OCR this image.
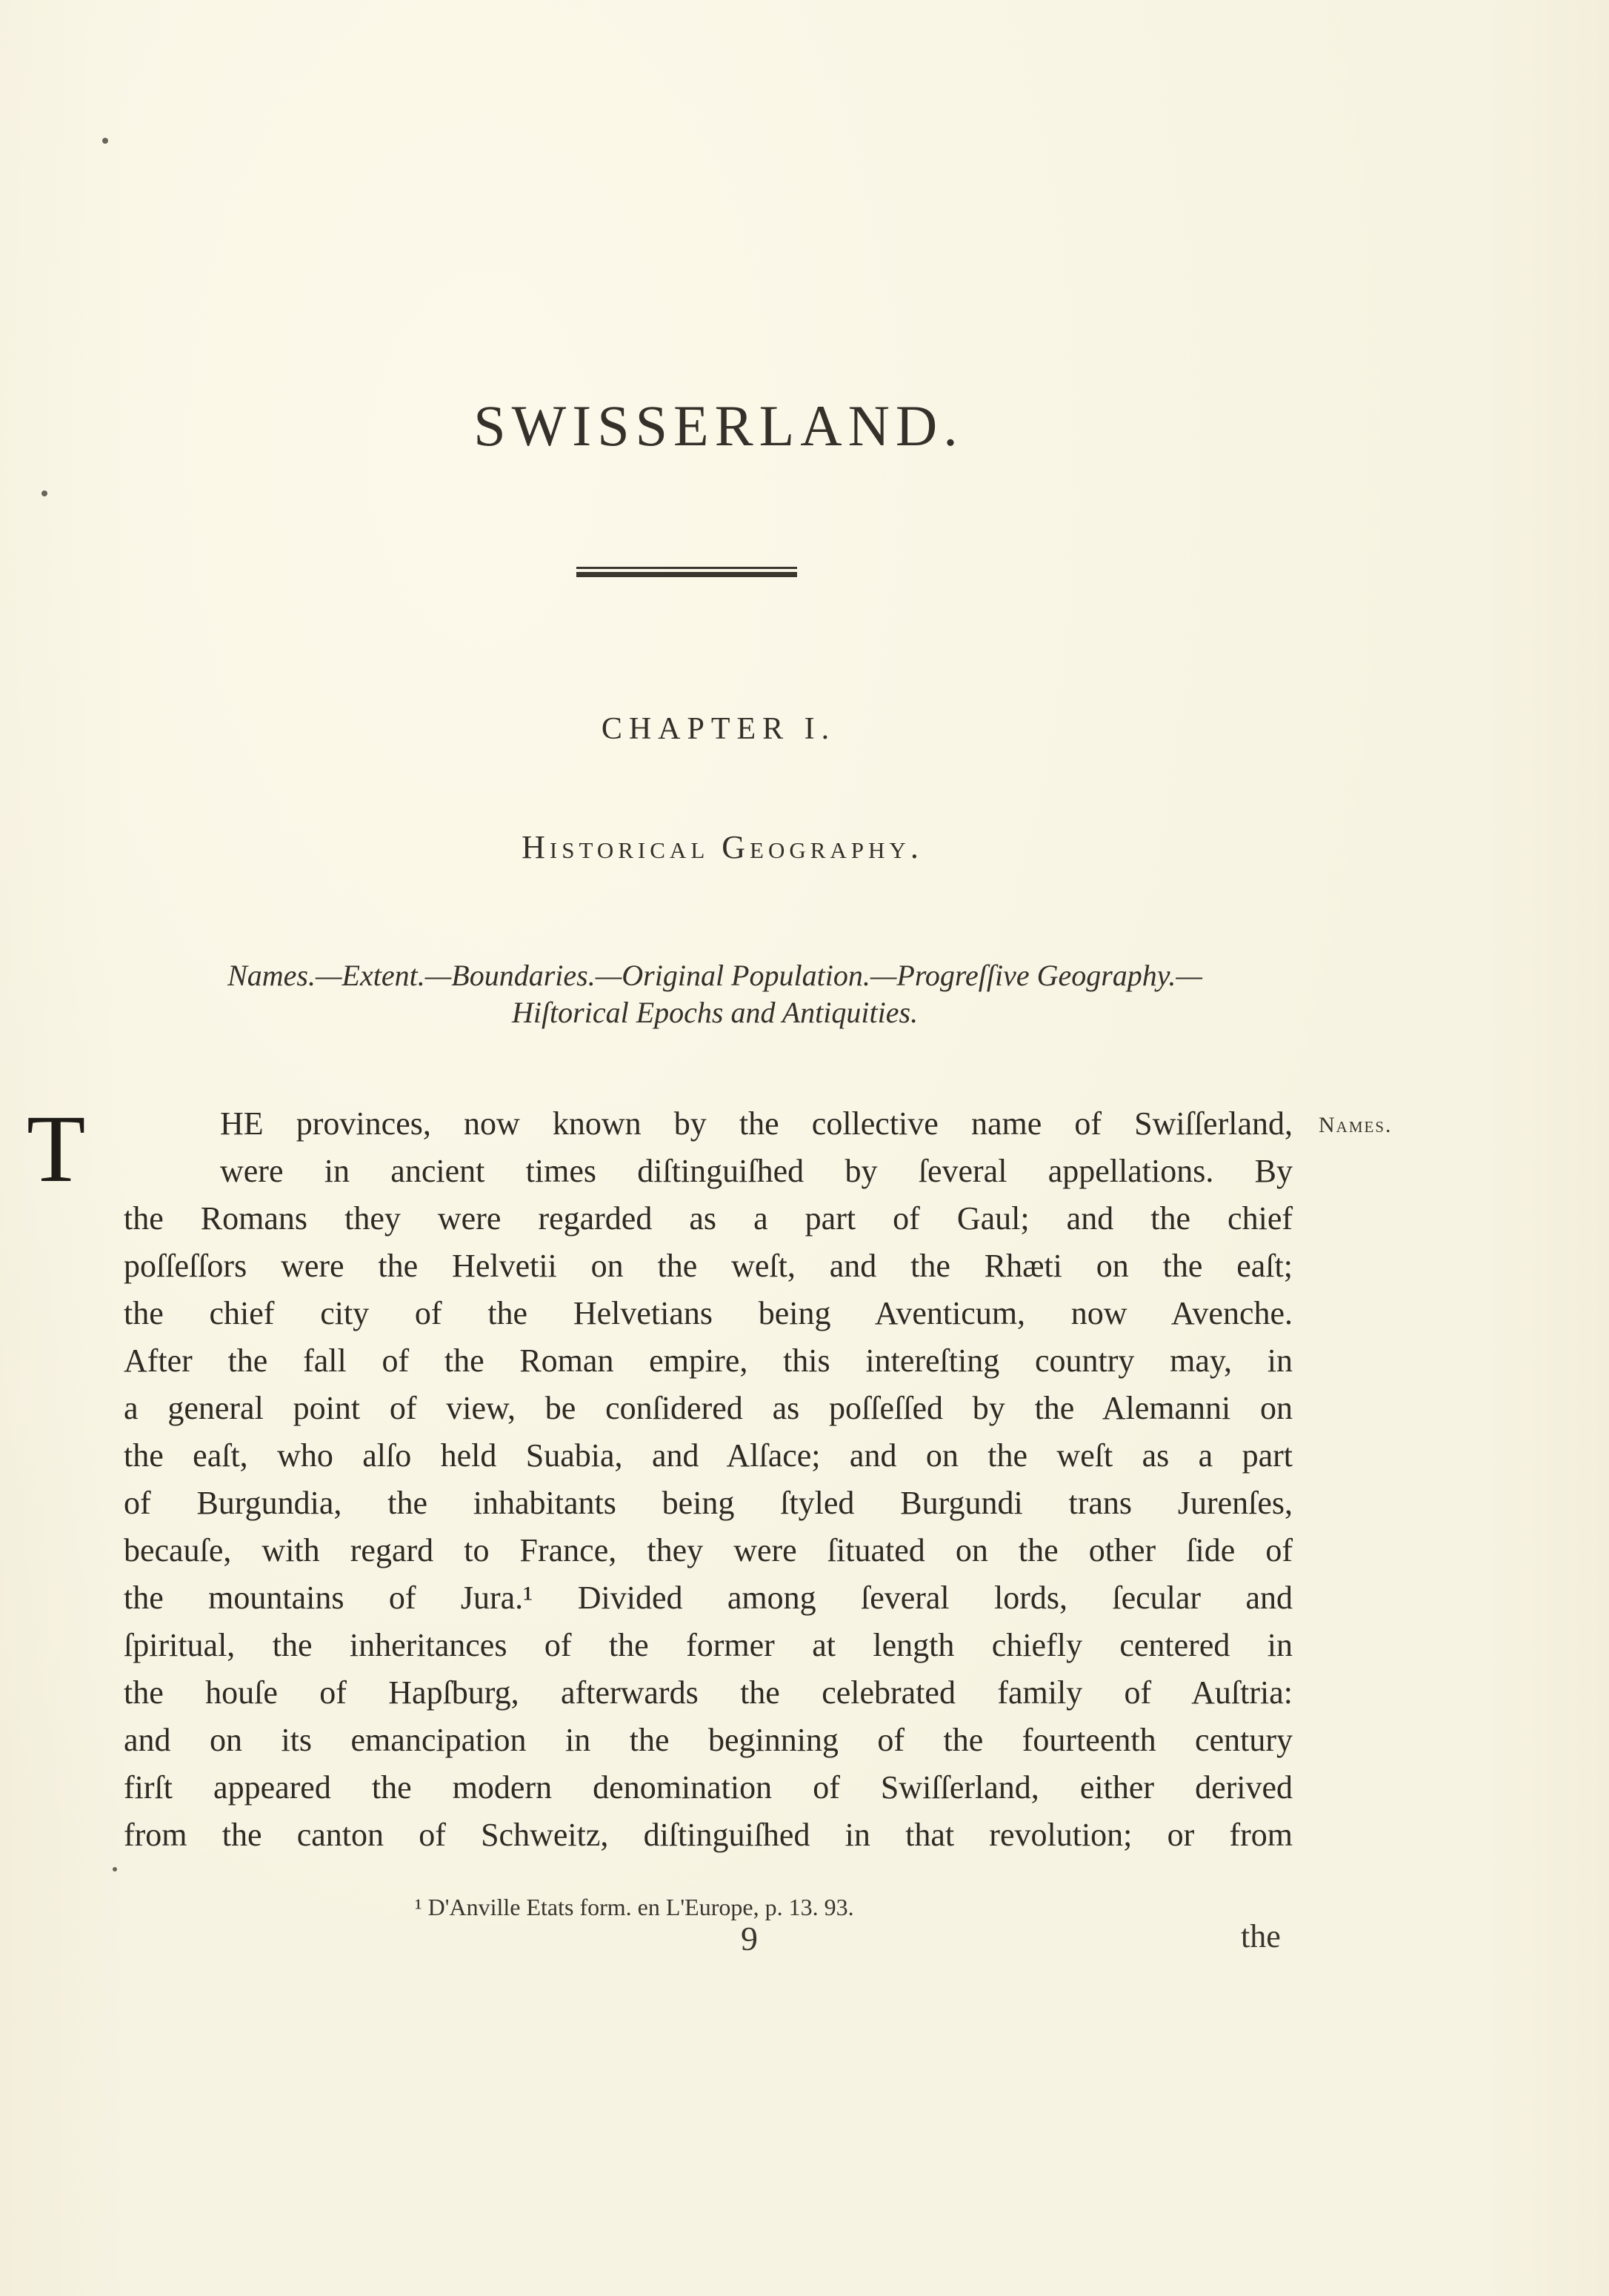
SWISSERLAND.
CHAPTER I.
Historical Geography.
Names.—Extent.—Boundaries.—Original Population.—Progreſſive Geography.—
Hiſtorical Epochs and Antiquities.
Names.
T	HE provinces, now known by the collective name of Swiſſerland,
were in ancient times diſtinguiſhed by ſeveral appellations. By
the Romans they were regarded as a part of Gaul; and the chief
poſſeſſors were the Helvetii on the weſt, and the Rhæti on the eaſt;
the chief city of the Helvetians being Aventicum, now Avenche.
After the fall of the Roman empire, this intereſting country may, in
a general point of view, be conſidered as poſſeſſed by the Alemanni on
the eaſt, who alſo held Suabia, and Alſace; and on the weſt as a part
of Burgundia, the inhabitants being ſtyled Burgundi trans Jurenſes,
becauſe, with regard to France, they were ſituated on the other ſide of
the mountains of Jura.¹ Divided among ſeveral lords, ſecular and
ſpiritual, the inheritances of the former at length chiefly centered in
the houſe of Hapſburg, afterwards the celebrated family of Auſtria:
and on its emancipation in the beginning of the fourteenth century
firſt appeared the modern denomination of Swiſſerland, either derived
from the canton of Schweitz, diſtinguiſhed in that revolution; or from
¹ D'Anville Etats form. en L'Europe, p. 13. 93.
9	the
